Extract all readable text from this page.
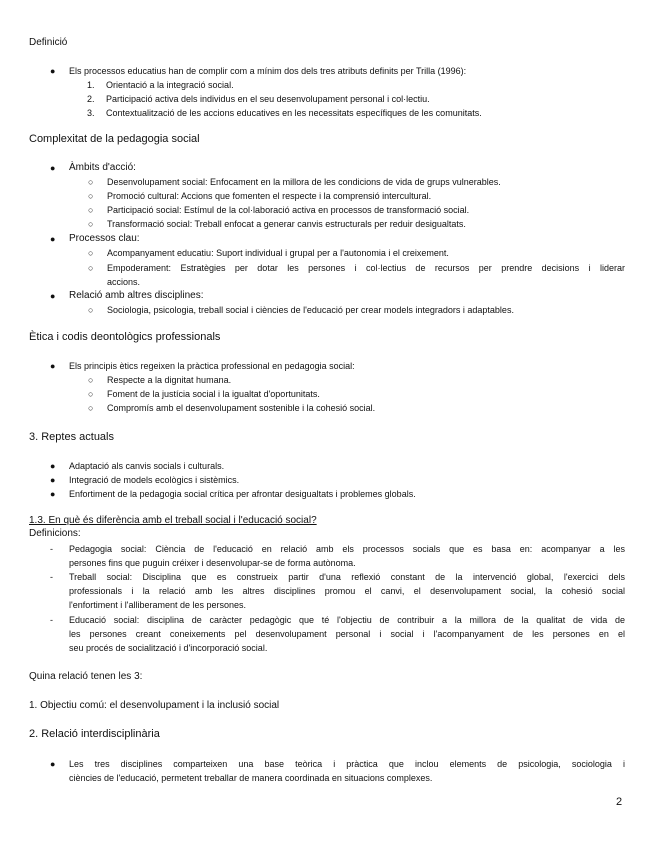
Definició
● Els processos educatius han de complir com a mínim dos dels tres atributs definits per Trilla (1996):
1. Orientació a la integració social.
2. Participació activa dels individus en el seu desenvolupament personal i col·lectiu.
3. Contextualització de les accions educatives en les necessitats específiques de les comunitats.
Complexitat de la pedagogia social
● Àmbits d'acció:
○ Desenvolupament social: Enfocament en la millora de les condicions de vida de grups vulnerables.
○ Promoció cultural: Accions que fomenten el respecte i la comprensió intercultural.
○ Participació social: Estímul de la col·laboració activa en processos de transformació social.
○ Transformació social: Treball enfocat a generar canvis estructurals per reduir desigualtats.
● Processos clau:
○ Acompanyament educatiu: Suport individual i grupal per a l'autonomia i el creixement.
○ Empoderament: Estratègies per dotar les persones i col·lectius de recursos per prendre decisions i liderar
accions.
● Relació amb altres disciplines:
○ Sociologia, psicologia, treball social i ciències de l'educació per crear models integradors i adaptables.
Ètica i codis deontològics professionals
● Els principis ètics regeixen la pràctica professional en pedagogia social:
○ Respecte a la dignitat humana.
○ Foment de la justícia social i la igualtat d'oportunitats.
○ Compromís amb el desenvolupament sostenible i la cohesió social.
3. Reptes actuals
● Adaptació als canvis socials i culturals.
● Integració de models ecològics i sistèmics.
● Enfortiment de la pedagogia social crítica per afrontar desigualtats i problemes globals.
1.3. En què és diferència amb el treball social i l'educació social?
Definicions:
- Pedagogia social: Ciència de l'educació en relació amb els processos socials que es basa en: acompanyar a les
persones fins que puguin créixer i desenvolupar-se de forma autònoma.
- Treball social: Disciplina que es construeix partir d'una reflexió constant de la intervenció global, l'exercici dels
professionals i la relació amb les altres disciplines promou el canvi, el desenvolupament social, la cohesió social
l'enfortiment i l'alliberament de les persones.
- Educació social: disciplina de caràcter pedagògic que té l'objectiu de contribuir a la millora de la qualitat de vida de
les persones creant coneixements pel desenvolupament personal i social i l'acompanyament de les persones en el
seu procés de socialització i d'incorporació social.
Quina relació tenen les 3:
1. Objectiu comú: el desenvolupament i la inclusió social
2. Relació interdisciplinària
● Les tres disciplines comparteixen una base teòrica i pràctica que inclou elements de psicologia, sociologia i
ciències de l'educació, permetent treballar de manera coordinada en situacions complexes.
2
